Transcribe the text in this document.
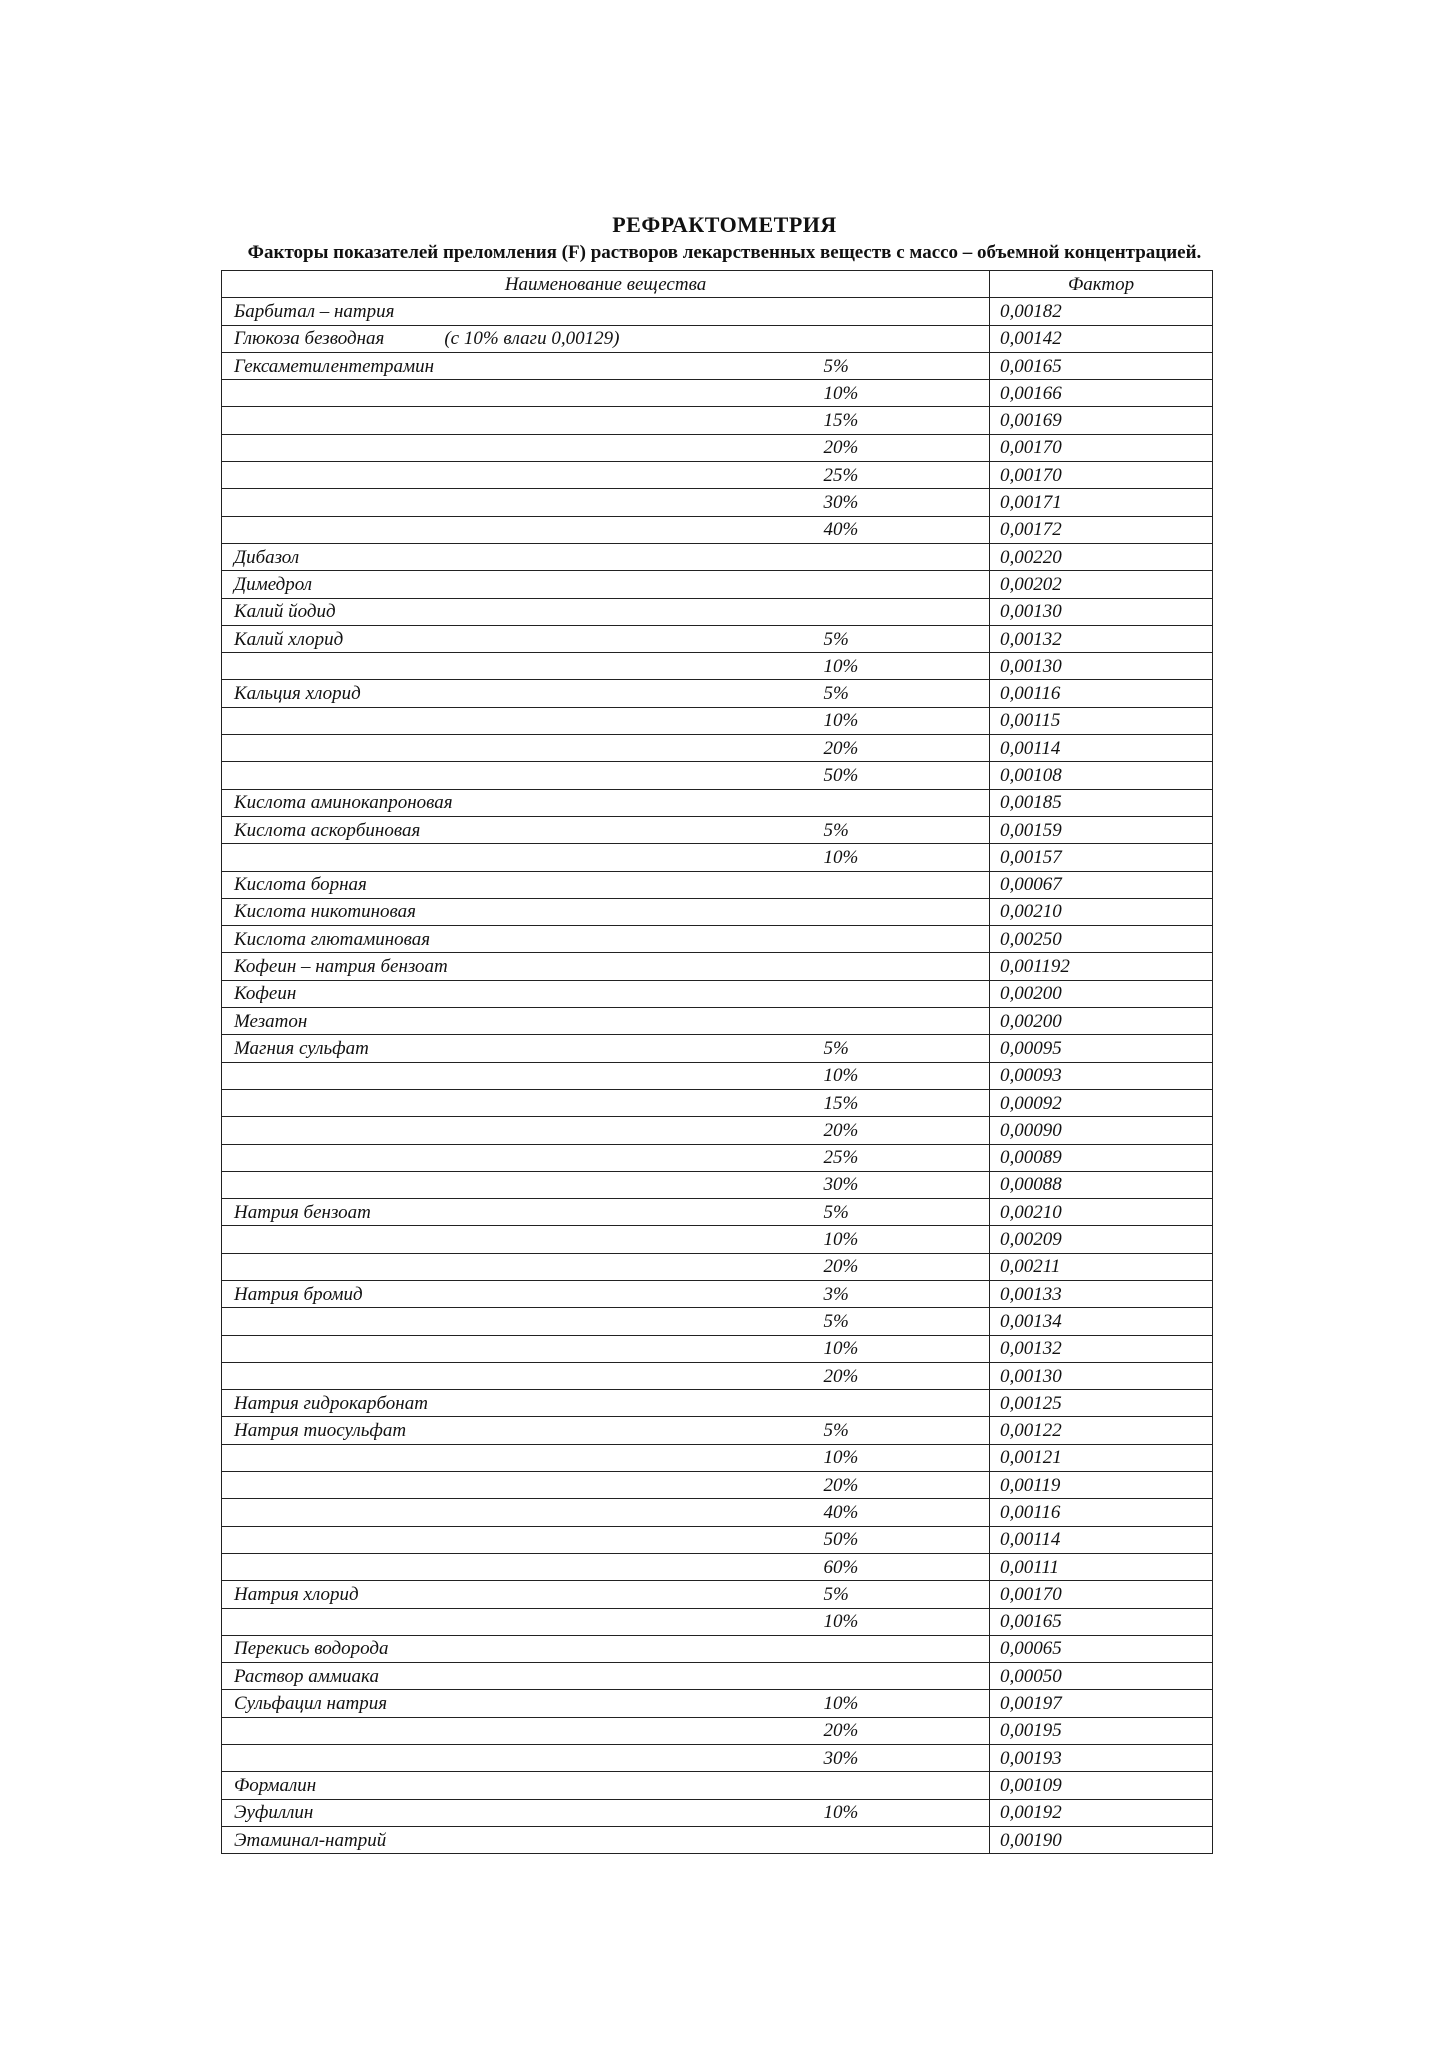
РЕФРАКТОМЕТРИЯ
Факторы показателей преломления (F) растворов лекарственных веществ с массо – объемной концентрацией.
Наименование вещества		Фактор
Барбитал – натрия		0,00182
Глюкоза безводная (с 10% влаги 0,00129)		0,00142
Гексаметилентетрамин	5%	0,00165
	10%	0,00166
	15%	0,00169
	20%	0,00170
	25%	0,00170
	30%	0,00171
	40%	0,00172
Дибазол		0,00220
Димедрол		0,00202
Калий йодид		0,00130
Калий хлорид	5%	0,00132
	10%	0,00130
Кальция хлорид	5%	0,00116
	10%	0,00115
	20%	0,00114
	50%	0,00108
Кислота аминокапроновая		0,00185
Кислота аскорбиновая	5%	0,00159
	10%	0,00157
Кислота борная		0,00067
Кислота никотиновая		0,00210
Кислота глютаминовая		0,00250
Кофеин – натрия бензоат		0,001192
Кофеин		0,00200
Мезатон		0,00200
Магния сульфат	5%	0,00095
	10%	0,00093
	15%	0,00092
	20%	0,00090
	25%	0,00089
	30%	0,00088
Натрия бензоат	5%	0,00210
	10%	0,00209
	20%	0,00211
Натрия бромид	3%	0,00133
	5%	0,00134
	10%	0,00132
	20%	0,00130
Натрия гидрокарбонат		0,00125
Натрия тиосульфат	5%	0,00122
	10%	0,00121
	20%	0,00119
	40%	0,00116
	50%	0,00114
	60%	0,00111
Натрия хлорид	5%	0,00170
	10%	0,00165
Перекись водорода		0,00065
Раствор аммиака		0,00050
Сульфацил натрия	10%	0,00197
	20%	0,00195
	30%	0,00193
Формалин		0,00109
Эуфиллин	10%	0,00192
Этаминал-натрий		0,00190
